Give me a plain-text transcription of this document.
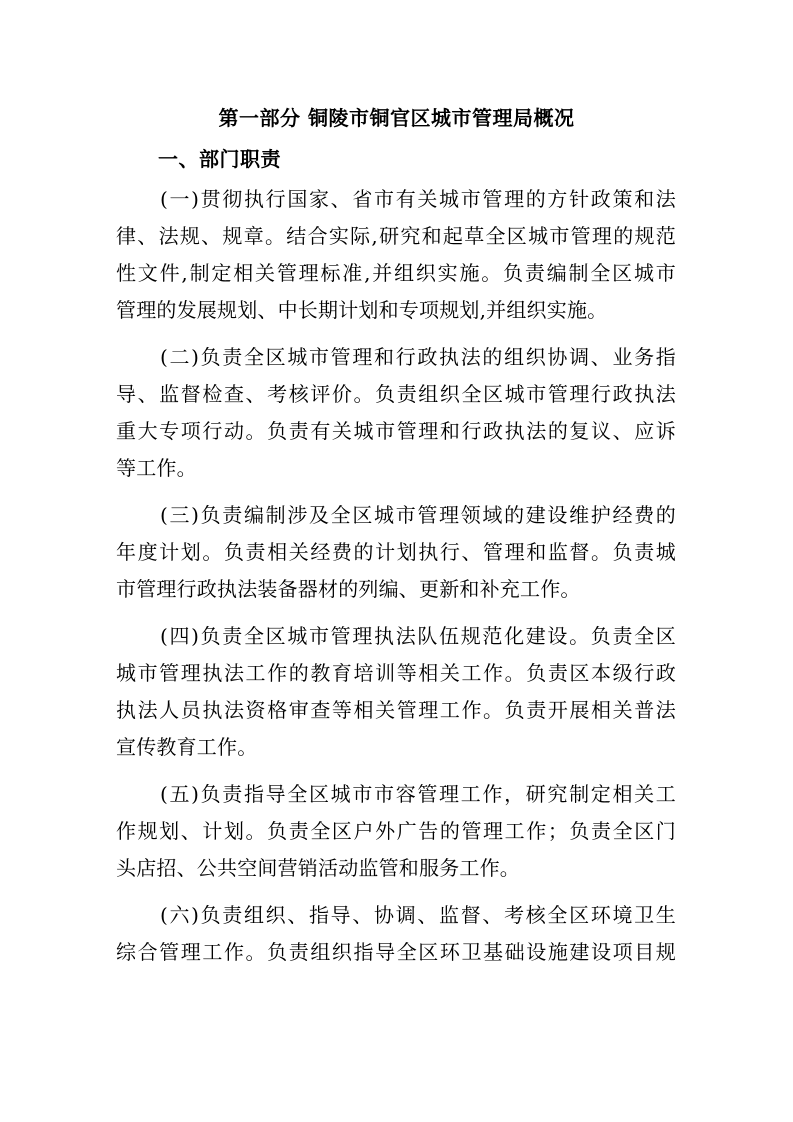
第一部分 铜陵市铜官区城市管理局概况
一、部门职责
(一)贯彻执行国家、省市有关城市管理的方针政策和法
律、法规、规章。结合实际,研究和起草全区城市管理的规范
性文件,制定相关管理标准,并组织实施。负责编制全区城市
管理的发展规划、中长期计划和专项规划,并组织实施。
(二)负责全区城市管理和行政执法的组织协调、业务指
导、监督检查、考核评价。负责组织全区城市管理行政执法
重大专项行动。负责有关城市管理和行政执法的复议、应诉
等工作。
(三)负责编制涉及全区城市管理领域的建设维护经费的
年度计划。负责相关经费的计划执行、管理和监督。负责城
市管理行政执法装备器材的列编、更新和补充工作。
(四)负责全区城市管理执法队伍规范化建设。负责全区
城市管理执法工作的教育培训等相关工作。负责区本级行政
执法人员执法资格审查等相关管理工作。负责开展相关普法
宣传教育工作。
(五)负责指导全区城市市容管理工作，研究制定相关工
作规划、计划。负责全区户外广告的管理工作；负责全区门
头店招、公共空间营销活动监管和服务工作。
(六)负责组织、指导、协调、监督、考核全区环境卫生
综合管理工作。负责组织指导全区环卫基础设施建设项目规
